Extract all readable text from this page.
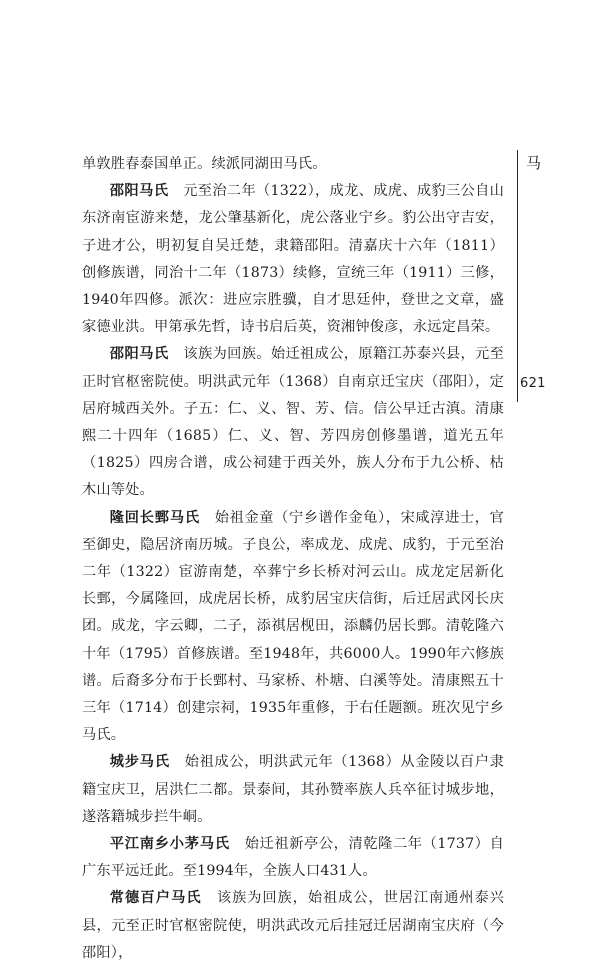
马
621

单敦胜春泰国单正。续派同湖田马氏。

邵阳马氏　 元至治二年（1322），成龙、成虎、成豹三公自山东济南宦游来楚，龙公肇基新化，虎公落业宁乡。豹公出守吉安，子进才公，明初复自吴迁楚，隶籍邵阳。清嘉庆十六年（1811）创修族谱，同治十二年（1873）续修，宣统三年（1911）三修，1940年四修。派次：进应宗胜骥，自才思廷仲，登世之文章，盛家德业洪。甲第承先哲，诗书启后英，资湘钟俊彦，永远定昌荣。

邵阳马氏　 该族为回族。始迁祖成公，原籍江苏泰兴县，元至正时官枢密院使。明洪武元年（1368）自南京迁宝庆（邵阳），定居府城西关外。子五：仁、义、智、芳、信。信公早迁古滇。清康熙二十四年（1685）仁、义、智、芳四房创修墨谱，道光五年（1825）四房合谱，成公祠建于西关外，族人分布于九公桥、枯木山等处。

隆回长鄄马氏　 始祖金童（宁乡谱作金龟），宋咸淳进士，官至御史，隐居济南历城。子良公，率成龙、成虎、成豹，于元至治二年（1322）宦游南楚，卒葬宁乡长桥对河云山。成龙定居新化长鄄，今属隆回，成虎居长桥，成豹居宝庆信街，后迁居武冈长庆团。成龙，字云卿，二子，添祺居枧田，添麟仍居长鄄。清乾隆六十年（1795）首修族谱。至1948年，共6000人。1990年六修族谱。后裔多分布于长鄄村、马家桥、朴塘、白溪等处。清康熙五十三年（1714）创建宗祠，1935年重修，于右任题额。班次见宁乡马氏。

城步马氏　 始祖成公，明洪武元年（1368）从金陵以百户隶籍宝庆卫，居洪仁二都。景泰间，其孙赞率族人兵卒征讨城步地，遂落籍城步拦牛峒。

平江南乡小茅马氏　 始迁祖新亭公，清乾隆二年（1737）自广东平远迁此。至1994年，全族人口431人。

常德百户马氏　 该族为回族，始祖成公，世居江南通州泰兴县，元至正时官枢密院使，明洪武改元后挂冠迁居湖南宝庆府（今邵阳），
